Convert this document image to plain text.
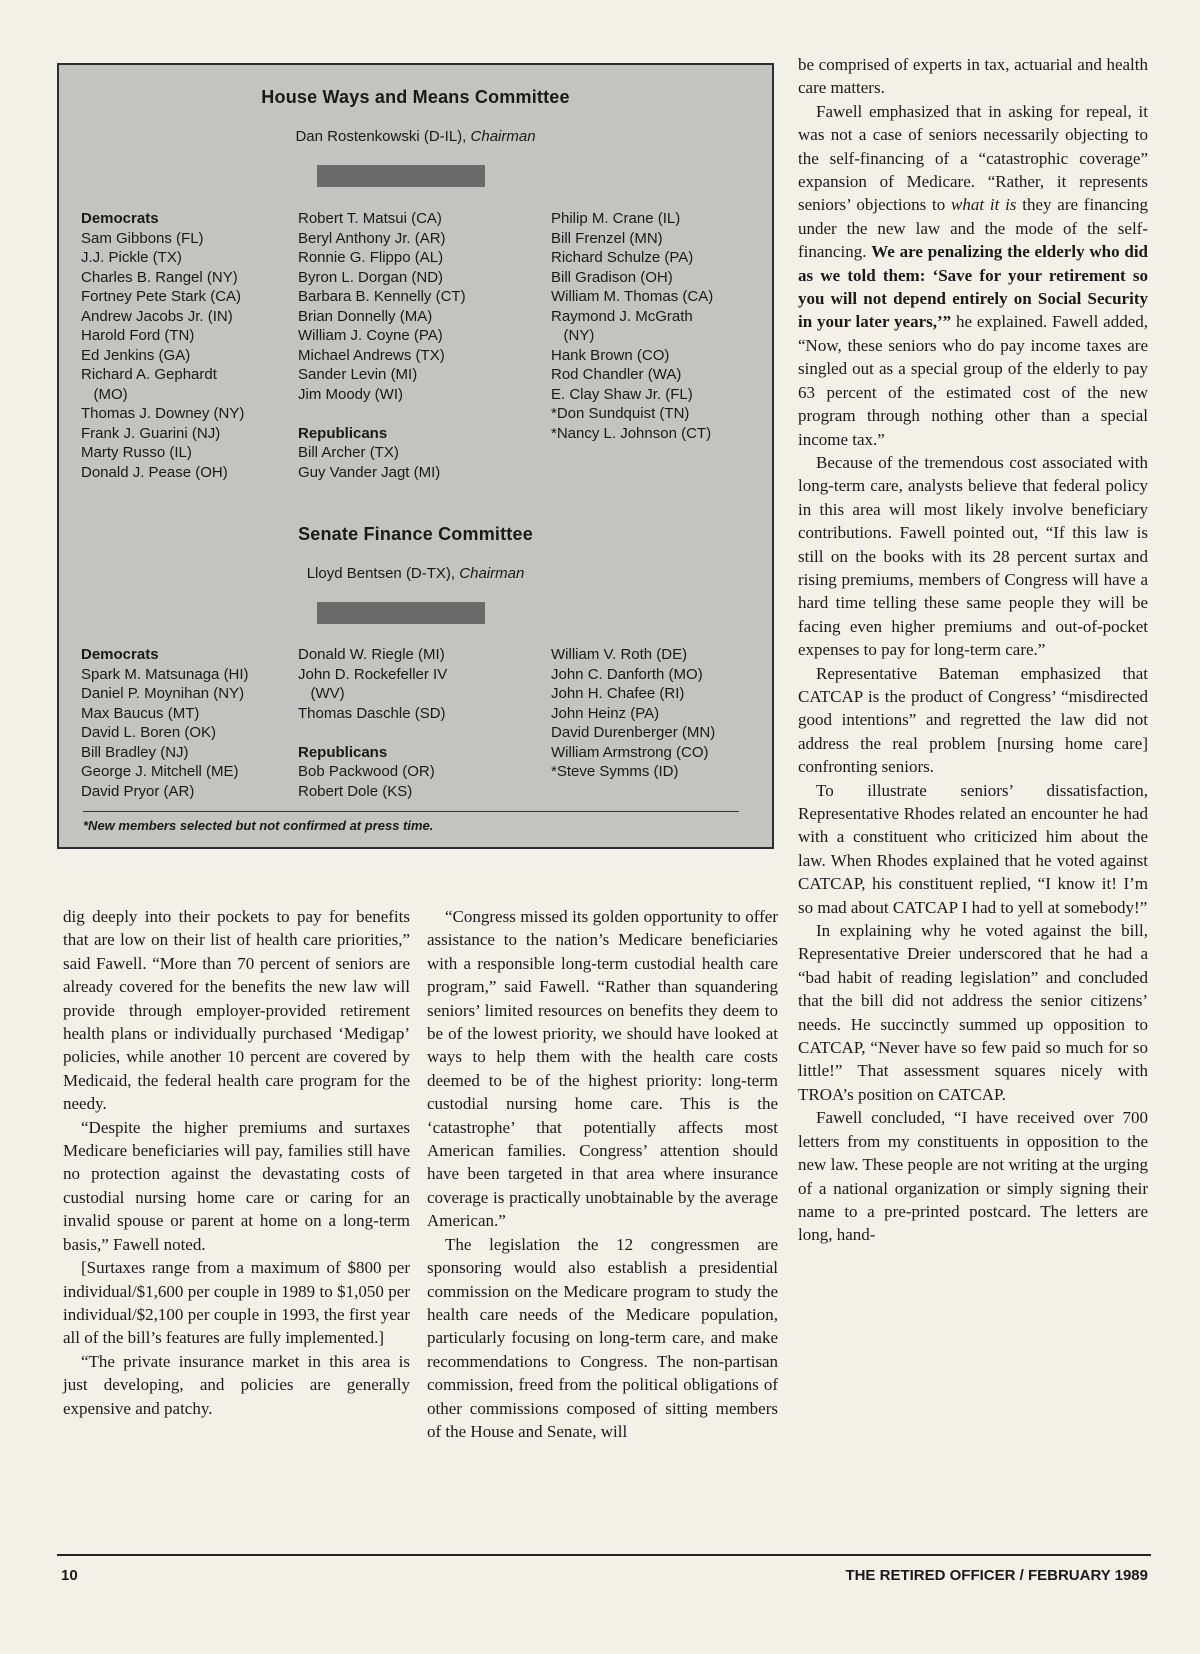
House Ways and Means Committee
Dan Rostenkowski (D-IL), Chairman
Democrats
Sam Gibbons (FL)
J.J. Pickle (TX)
Charles B. Rangel (NY)
Fortney Pete Stark (CA)
Andrew Jacobs Jr. (IN)
Harold Ford (TN)
Ed Jenkins (GA)
Richard A. Gephardt
(MO)
Thomas J. Downey (NY)
Frank J. Guarini (NJ)
Marty Russo (IL)
Donald J. Pease (OH)
Robert T. Matsui (CA)
Beryl Anthony Jr. (AR)
Ronnie G. Flippo (AL)
Byron L. Dorgan (ND)
Barbara B. Kennelly (CT)
Brian Donnelly (MA)
William J. Coyne (PA)
Michael Andrews (TX)
Sander Levin (MI)
Jim Moody (WI)
Republicans
Bill Archer (TX)
Guy Vander Jagt (MI)
Philip M. Crane (IL)
Bill Frenzel (MN)
Richard Schulze (PA)
Bill Gradison (OH)
William M. Thomas (CA)
Raymond J. McGrath
(NY)
Hank Brown (CO)
Rod Chandler (WA)
E. Clay Shaw Jr. (FL)
*Don Sundquist (TN)
*Nancy L. Johnson (CT)
Senate Finance Committee
Lloyd Bentsen (D-TX), Chairman
Democrats
Spark M. Matsunaga (HI)
Daniel P. Moynihan (NY)
Max Baucus (MT)
David L. Boren (OK)
Bill Bradley (NJ)
George J. Mitchell (ME)
David Pryor (AR)
Donald W. Riegle (MI)
John D. Rockefeller IV
(WV)
Thomas Daschle (SD)
Republicans
Bob Packwood (OR)
Robert Dole (KS)
William V. Roth (DE)
John C. Danforth (MO)
John H. Chafee (RI)
John Heinz (PA)
David Durenberger (MN)
William Armstrong (CO)
*Steve Symms (ID)
*New members selected but not confirmed at press time.

dig deeply into their pockets to pay for benefits that are low on their list of health care priorities,” said Fawell. “More than 70 percent of seniors are already covered for the benefits the new law will provide through employer-provided retirement health plans or individually purchased ‘Medigap’ policies, while another 10 percent are covered by Medicaid, the federal health care program for the needy.

“Despite the higher premiums and surtaxes Medicare beneficiaries will pay, families still have no protection against the devastating costs of custodial nursing home care or caring for an invalid spouse or parent at home on a long-term basis,” Fawell noted.

[Surtaxes range from a maximum of $800 per individual/$1,600 per couple in 1989 to $1,050 per individual/$2,100 per couple in 1993, the first year all of the bill’s features are fully implemented.]

“The private insurance market in this area is just developing, and policies are generally expensive and patchy.

“Congress missed its golden opportunity to offer assistance to the nation’s Medicare beneficiaries with a responsible long-term custodial health care program,” said Fawell. “Rather than squandering seniors’ limited resources on benefits they deem to be of the lowest priority, we should have looked at ways to help them with the health care costs deemed to be of the highest priority: long-term custodial nursing home care. This is the ‘catastrophe’ that potentially affects most American families. Congress’ attention should have been targeted in that area where insurance coverage is practically unobtainable by the average American.”

The legislation the 12 congressmen are sponsoring would also establish a presidential commission on the Medicare program to study the health care needs of the Medicare population, particularly focusing on long-term care, and make recommendations to Congress. The non-partisan commission, freed from the political obligations of other commissions composed of sitting members of the House and Senate, will

be comprised of experts in tax, actuarial and health care matters.

Fawell emphasized that in asking for repeal, it was not a case of seniors necessarily objecting to the self-financing of a “catastrophic coverage” expansion of Medicare. “Rather, it represents seniors’ objections to what it is they are financing under the new law and the mode of the self-financing. We are penalizing the elderly who did as we told them: ‘Save for your retirement so you will not depend entirely on Social Security in your later years,’” he explained. Fawell added, “Now, these seniors who do pay income taxes are singled out as a special group of the elderly to pay 63 percent of the estimated cost of the new program through nothing other than a special income tax.”

Because of the tremendous cost associated with long-term care, analysts believe that federal policy in this area will most likely involve beneficiary contributions. Fawell pointed out, “If this law is still on the books with its 28 percent surtax and rising premiums, members of Congress will have a hard time telling these same people they will be facing even higher premiums and out-of-pocket expenses to pay for long-term care.”

Representative Bateman emphasized that CATCAP is the product of Congress’ “misdirected good intentions” and regretted the law did not address the real problem [nursing home care] confronting seniors.

To illustrate seniors’ dissatisfaction, Representative Rhodes related an encounter he had with a constituent who criticized him about the law. When Rhodes explained that he voted against CATCAP, his constituent replied, “I know it! I’m so mad about CATCAP I had to yell at somebody!”

In explaining why he voted against the bill, Representative Dreier underscored that he had a “bad habit of reading legislation” and concluded that the bill did not address the senior citizens’ needs. He succinctly summed up opposition to CATCAP, “Never have so few paid so much for so little!” That assessment squares nicely with TROA’s position on CATCAP.

Fawell concluded, “I have received over 700 letters from my constituents in opposition to the new law. These people are not writing at the urging of a national organization or simply signing their name to a pre-printed postcard. The letters are long, hand-

10	THE RETIRED OFFICER / FEBRUARY 1989
